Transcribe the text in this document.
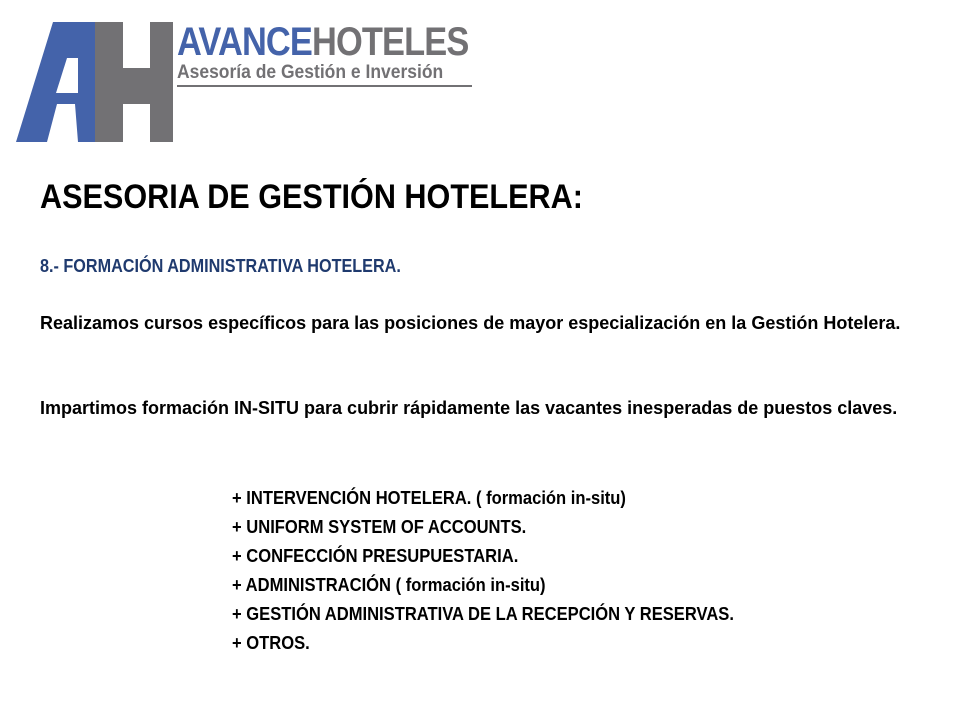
AVANCEHOTELES
Asesoría de Gestión e Inversión
ASESORIA DE GESTIÓN HOTELERA:
8.- FORMACIÓN ADMINISTRATIVA HOTELERA.
Realizamos cursos específicos para las posiciones de mayor especialización en la Gestión Hotelera.
Impartimos formación IN-SITU para cubrir rápidamente las vacantes inesperadas de puestos claves.
+ INTERVENCIÓN HOTELERA. ( formación in-situ)
+ UNIFORM SYSTEM OF ACCOUNTS.
+ CONFECCIÓN PRESUPUESTARIA.
+ ADMINISTRACIÓN ( formación in-situ)
+ GESTIÓN ADMINISTRATIVA DE LA RECEPCIÓN Y RESERVAS.
+ OTROS.
